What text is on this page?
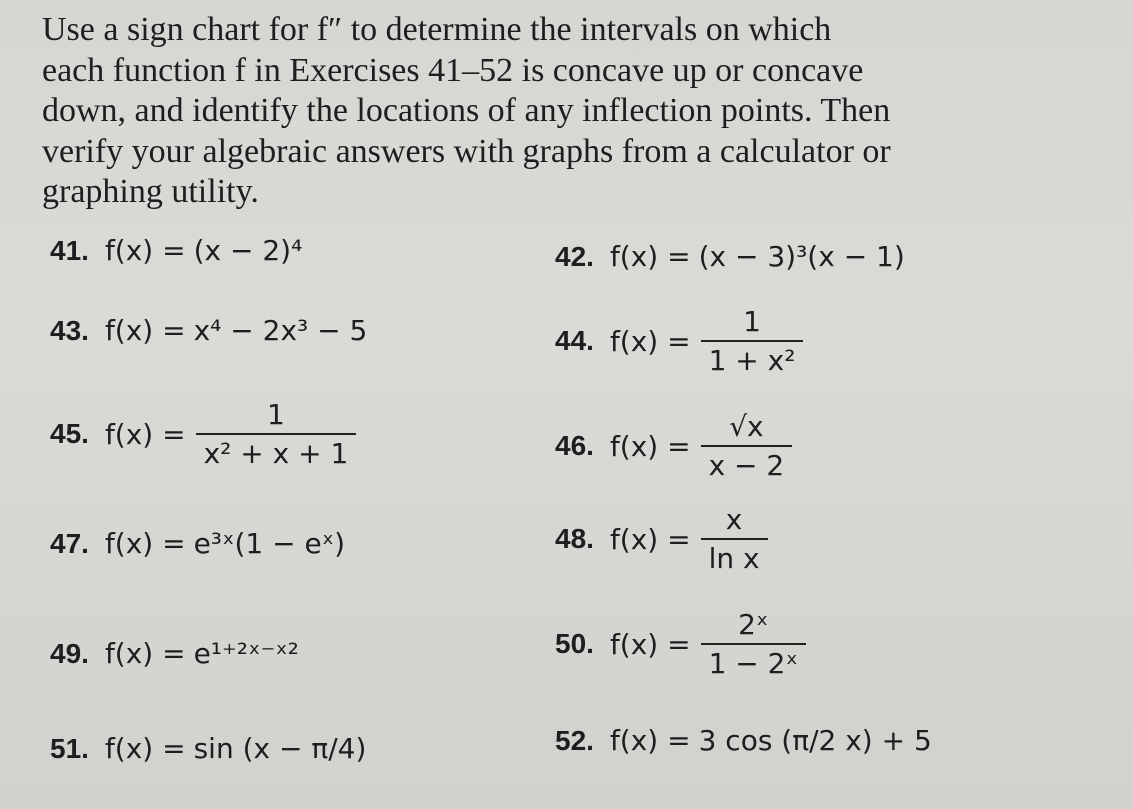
Use a sign chart for f″ to determine the intervals on which
each function f in Exercises 41–52 is concave up or concave
down, and identify the locations of any inflection points. Then
verify your algebraic answers with graphs from a calculator or
graphing utility.
41. f(x) =
(x − 2)⁴
43. f(x) =
x⁴ − 2x³ − 5
45. $f(x) = \frac{1}{\text{x² + x + 1}}$
47. f(x) =
e³ˣ(1 − eˣ)
49. f(x) =
e¹⁺²ˣ⁻ˣ²
51. f(x) =
sin (x − π/4)
42. f(x) =
(x − 3)³(x − 1)
44. $f(x) = \frac{1}{\text{1 + x²}}$
46. $f(x) = \frac{√x}{x - 2}$
48. $f(x) = \frac{x}{\text{ln x}}$
50. $f(x) = \frac{\text{2ˣ}}{\text{1 − 2ˣ}}$
52. f(x) =
3 cos (π/2 x) + 5
